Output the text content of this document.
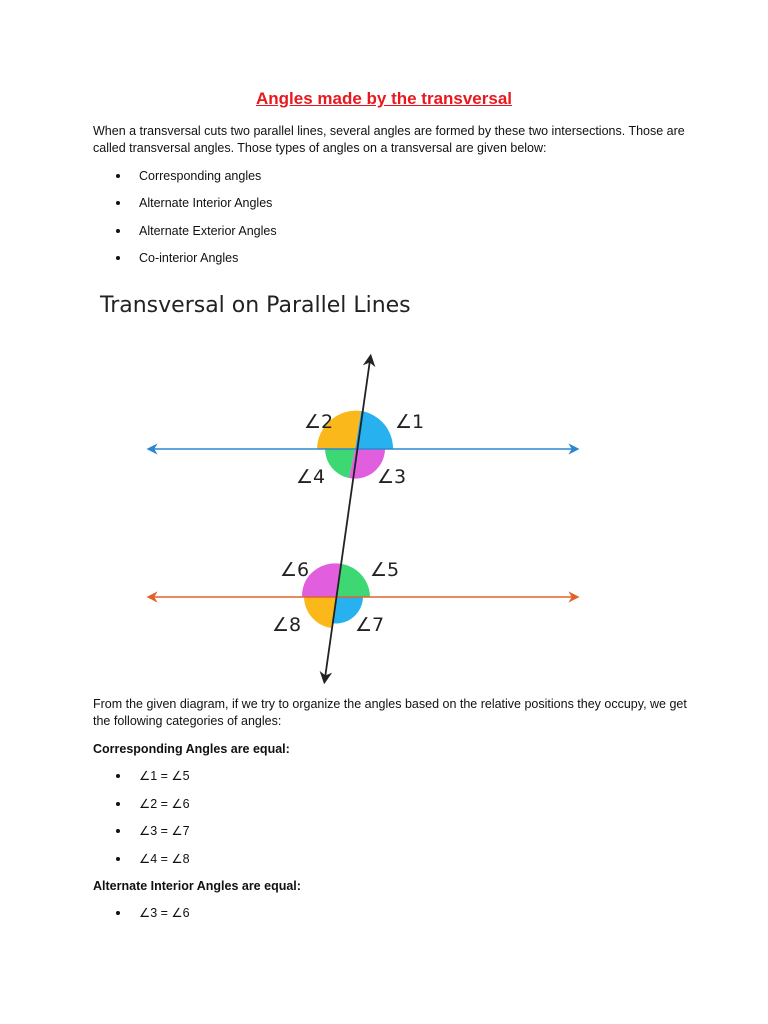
Angles made by the transversal

When a transversal cuts two parallel lines, several angles are formed by these two intersections. Those are called transversal angles. Those types of angles on a transversal are given below:

Corresponding angles
Alternate Interior Angles
Alternate Exterior Angles
Co-interior Angles
Transversal on Parallel Lines
∠2	∠1
∠4	∠3
∠6	∠5
∠8	∠7

From the given diagram, if we try to organize the angles based on the relative positions they occupy, we get the following categories of angles:

Corresponding Angles are equal:
∠1 = ∠5
∠2 = ∠6
∠3 = ∠7
∠4 = ∠8
Alternate Interior Angles are equal:
∠3 = ∠6
